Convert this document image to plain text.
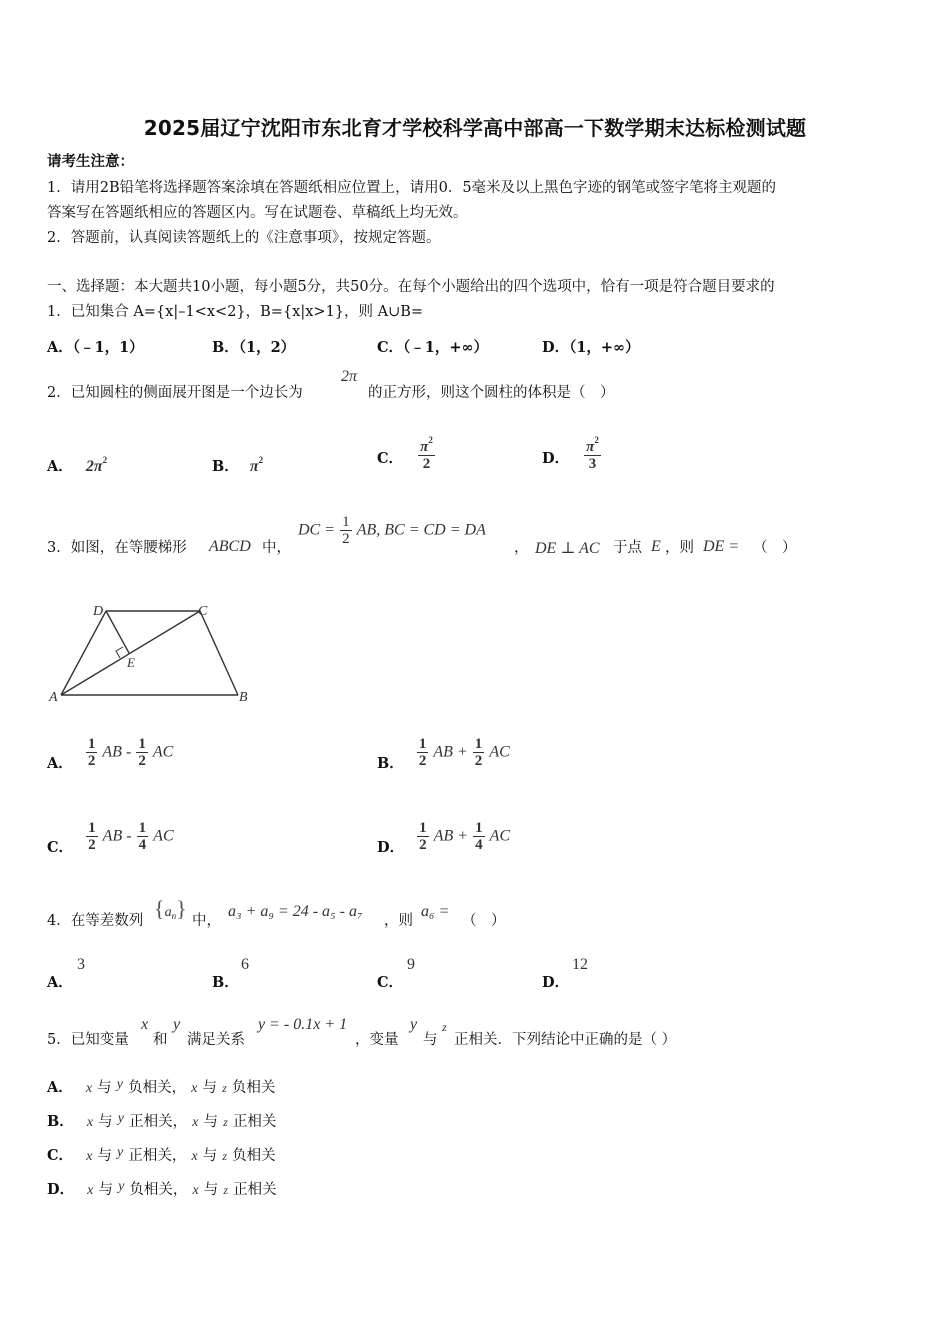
2025届辽宁沈阳市东北育才学校科学高中部高一下数学期末达标检测试题
请考生注意：
1．请用2B铅笔将选择题答案涂填在答题纸相应位置上，请用0．5毫米及以上黑色字迹的钢笔或签字笔将主观题的
答案写在答题纸相应的答题区内。写在试题卷、草稿纸上均无效。
2．答题前，认真阅读答题纸上的《注意事项》，按规定答题。
一、选择题：本大题共10小题，每小题5分，共50分。在每个小题给出的四个选项中，恰有一项是符合题目要求的
1．已知集合 A={x|–1<x<2}，B={x|x>1}，则 A∪B=
A．（﹣1，1）	B．（1，2）	C．（﹣1，+∞）	D．（1，+∞）
2．已知圆柱的侧面展开图是一个边长为
2π
的正方形，则这个圆柱的体积是（　）
A． $2\pi^2$	B． $\pi^2$	C． $\frac{\pi^2}{2}$	D． $\frac{\pi^2}{3}$
3．如图，在等腰梯形 ABCD 中，
DC = $\frac{1}{2}$ AB, BC = CD = DA
， DE ⊥ AC 于点 E ，则 DE = （　）
A	B
C
D
E
A． $\frac{1}{2}$ AB - $\frac{1}{2}$ AC
B． $\frac{1}{2}$ AB + $\frac{1}{2}$ AC
C． $\frac{1}{2}$ AB - $\frac{1}{4}$ AC
D． $\frac{1}{2}$ AB + $\frac{1}{4}$ AC
4．在等差数列 $\{a_n\}$ 中，
a₃ + a₉ = 24 - a₅ - a₇
，则
a₆ =
（　）
A．
3
B．
6
C．
9
D．
12
5．已知变量
x
和
y
满足关系
y = - 0.1x + 1
，变量
y
与
z
正相关．下列结论中正确的是（ ）
A． x 与 y 负相关， x 与 z 负相关
B． x 与 y 正相关， x 与 z 正相关
C． x 与 y 正相关， x 与 z 负相关
D． x 与 y 负相关， x 与 z 正相关
